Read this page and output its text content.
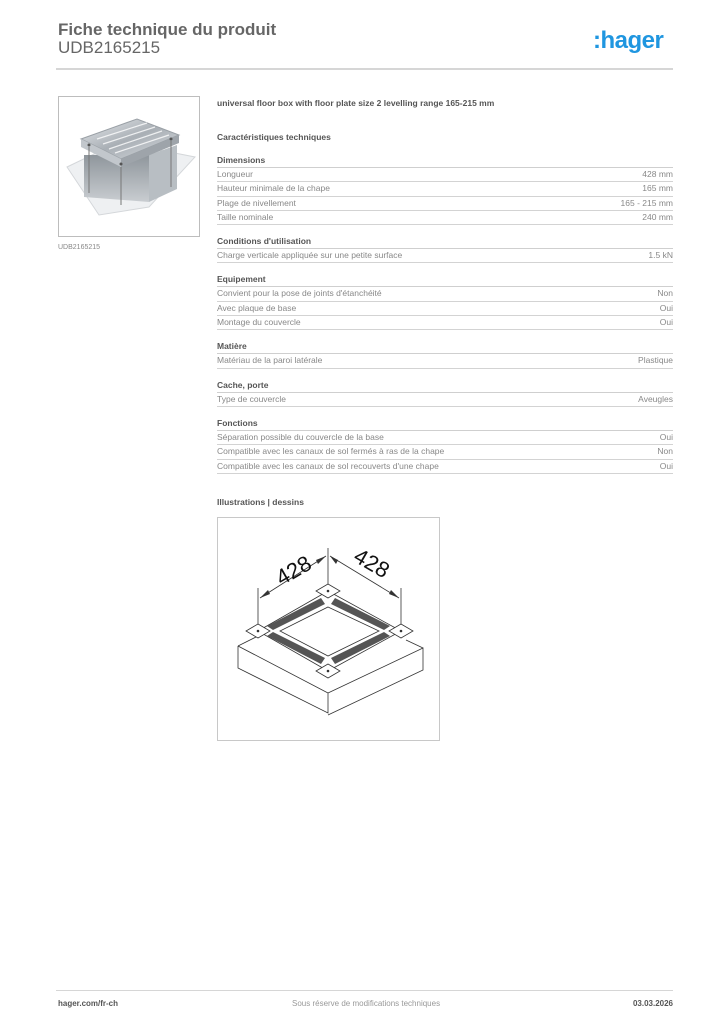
Fiche technique du produit
UDB2165215	:hager
UDB2165215
universal floor box with floor plate size 2 levelling range 165-215 mm
Caractéristiques techniques
Dimensions
Longueur	428 mm
Hauteur minimale de la chape	165 mm
Plage de nivellement	165 - 215 mm
Taille nominale	240 mm
Conditions d'utilisation
Charge verticale appliquée sur une petite surface	1.5 kN
Equipement
Convient pour la pose de joints d'étanchéité	Non
Avec plaque de base	Oui
Montage du couvercle	Oui
Matière
Matériau de la paroi latérale	Plastique
Cache, porte
Type de couvercle	Aveugles
Fonctions
Séparation possible du couvercle de la base	Oui
Compatible avec les canaux de sol fermés à ras de la chape	Non
Compatible avec les canaux de sol recouverts d'une chape	Oui
Illustrations | dessins
428 428
hager.com/fr-ch	Sous réserve de modifications techniques	03.03.2026
